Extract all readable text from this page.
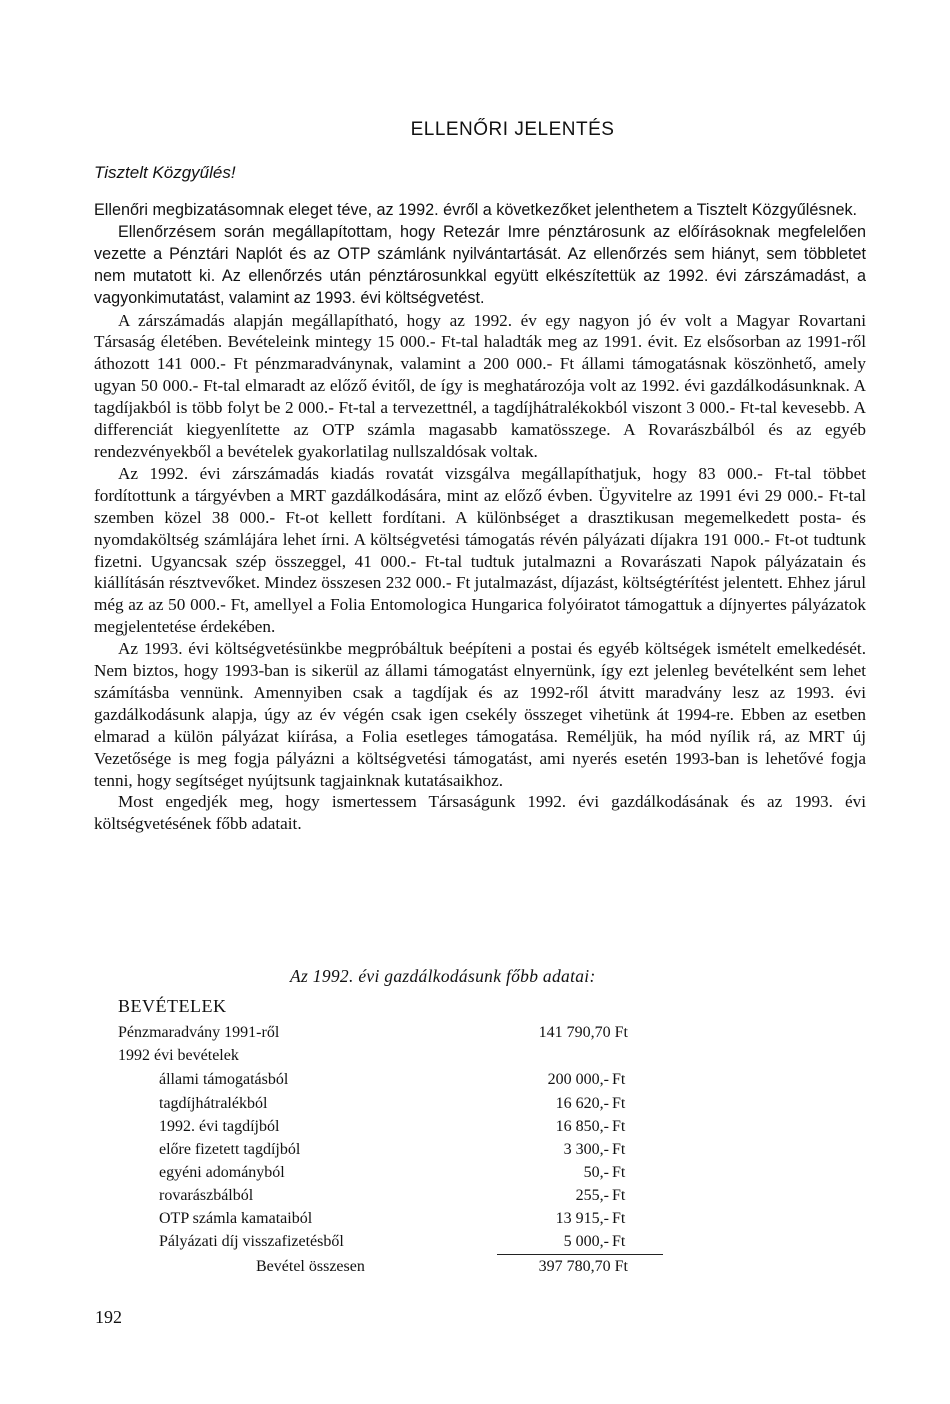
ELLENŐRI JELENTÉS
Tisztelt Közgyűlés!

Ellenőri megbizatásomnak eleget téve, az 1992. évről a következőket jelenthetem a Tisztelt Közgyűlésnek.

Ellenőrzésem során megállapítottam, hogy Retezár Imre pénztárosunk az előírásoknak megfelelően vezette a Pénztári Naplót és az OTP számlánk nyilvántartását. Az ellenőrzés sem hiányt, sem többletet nem mutatott ki. Az ellenőrzés után pénztárosunkkal együtt elkészítettük az 1992. évi zárszámadást, a vagyonkimutatást, valamint az 1993. évi költségvetést.

A zárszámadás alapján megállapítható, hogy az 1992. év egy nagyon jó év volt a Magyar Rovartani Társaság életében. Bevételeink mintegy 15 000.- Ft-tal haladták meg az 1991. évit. Ez elsősorban az 1991-ről áthozott 141 000.- Ft pénzmaradványnak, valamint a 200 000.- Ft állami támogatásnak köszönhető, amely ugyan 50 000.- Ft-tal elmaradt az előző évitől, de így is meghatározója volt az 1992. évi gazdálkodásunknak. A tagdíjakból is több folyt be 2 000.- Ft-tal a tervezettnél, a tagdíjhátralékokból viszont 3 000.- Ft-tal kevesebb. A differenciát kiegyenlítette az OTP számla magasabb kamatösszege. A Rovarászbálból és az egyéb rendezvényekből a bevételek gyakorlatilag nullszaldósak voltak.

Az 1992. évi zárszámadás kiadás rovatát vizsgálva megállapíthatjuk, hogy 83 000.- Ft-tal többet fordítottunk a tárgyévben a MRT gazdálkodására, mint az előző évben. Ügyvitelre az 1991 évi 29 000.- Ft-tal szemben közel 38 000.- Ft-ot kellett fordítani. A különbséget a drasztikusan megemelkedett posta- és nyomdaköltség számlájára lehet írni. A költségvetési támogatás révén pályázati díjakra 191 000.- Ft-ot tudtunk fizetni. Ugyancsak szép összeggel, 41 000.- Ft-tal tudtuk jutalmazni a Rovarászati Napok pályázatain és kiállításán résztvevőket. Mindez összesen 232 000.- Ft jutalmazást, díjazást, költségtérítést jelentett. Ehhez járul még az az 50 000.- Ft, amellyel a Folia Entomologica Hungarica folyóiratot támogattuk a díjnyertes pályázatok megjelentetése érdekében.

Az 1993. évi költségvetésünkbe megpróbáltuk beépíteni a postai és egyéb költségek ismételt emelkedését. Nem biztos, hogy 1993-ban is sikerül az állami támogatást elnyernünk, így ezt jelenleg bevételként sem lehet számításba vennünk. Amennyiben csak a tagdíjak és az 1992-ről átvitt maradvány lesz az 1993. évi gazdálkodásunk alapja, úgy az év végén csak igen csekély összeget vihetünk át 1994-re. Ebben az esetben elmarad a külön pályázat kiírása, a Folia esetleges támogatása. Reméljük, ha mód nyílik rá, az MRT új Vezetősége is meg fogja pályázni a költségvetési támogatást, ami nyerés esetén 1993-ban is lehetővé fogja tenni, hogy segítséget nyújtsunk tagjainknak kutatásaikhoz.

Most engedjék meg, hogy ismertessem Társaságunk 1992. évi gazdálkodásának és az 1993. évi költségvetésének főbb adatait.

Az 1992. évi gazdálkodásunk főbb adatai:
BEVÉTELEK
Pénzmaradvány 1991-ről	141 790,70 Ft
1992 évi bevételek
állami támogatásból	200 000,- Ft
tagdíjhátralékból	16 620,- Ft
1992. évi tagdíjból	16 850,- Ft
előre fizetett tagdíjból	3 300,- Ft
egyéni adományból	50,- Ft
rovarászbálból	255,- Ft
OTP számla kamataiból	13 915,- Ft
Pályázati díj visszafizetésből	5 000,- Ft
Bevétel összesen	397 780,70 Ft
192
